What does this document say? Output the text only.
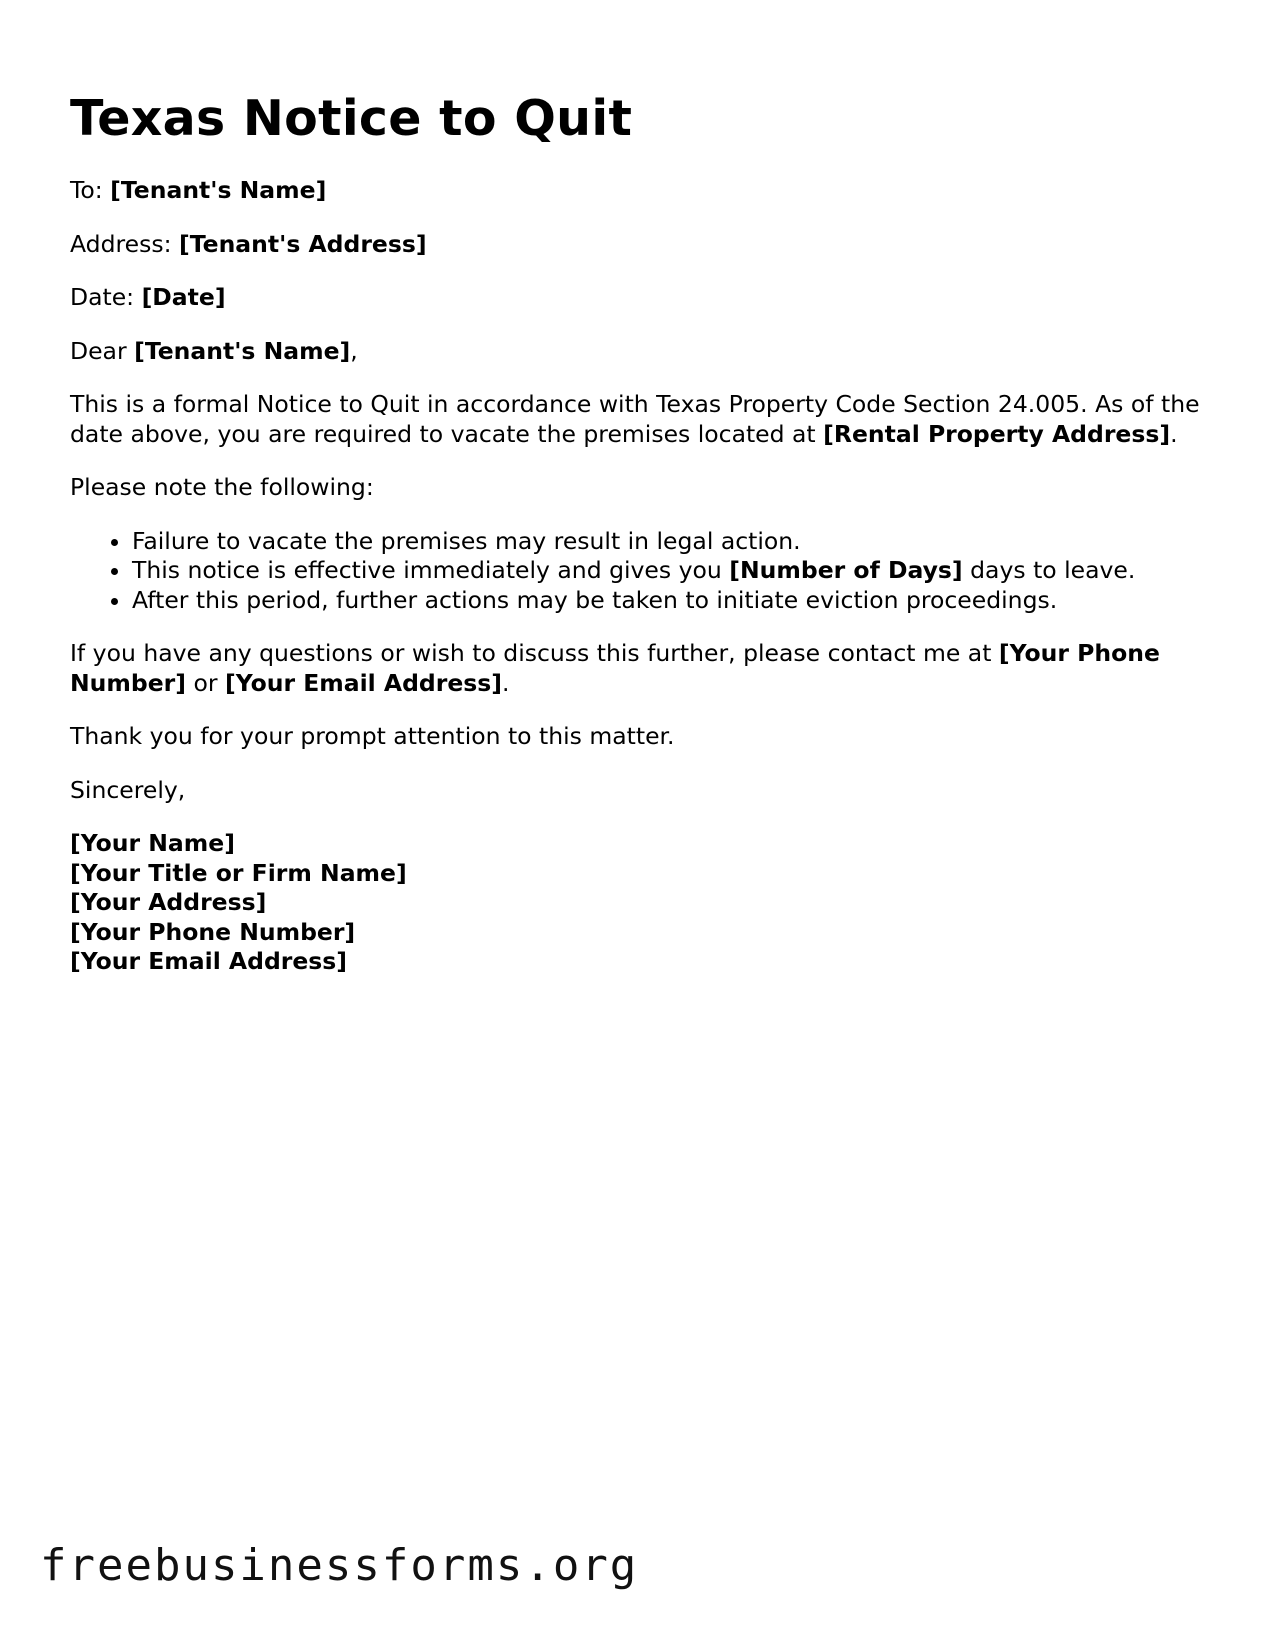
Texas Notice to Quit

To: [Tenant's Name]

Address: [Tenant's Address]

Date: [Date]

Dear [Tenant's Name],

This is a formal Notice to Quit in accordance with Texas Property Code Section 24.005. As of the date above, you are required to vacate the premises located at [Rental Property Address].

Please note the following:

• Failure to vacate the premises may result in legal action.
• This notice is effective immediately and gives you [Number of Days] days to leave.
• After this period, further actions may be taken to initiate eviction proceedings.

If you have any questions or wish to discuss this further, please contact me at [Your Phone Number] or [Your Email Address].

Thank you for your prompt attention to this matter.

Sincerely,

[Your Name]
[Your Title or Firm Name]
[Your Address]
[Your Phone Number]
[Your Email Address]
freebusinessforms.org
